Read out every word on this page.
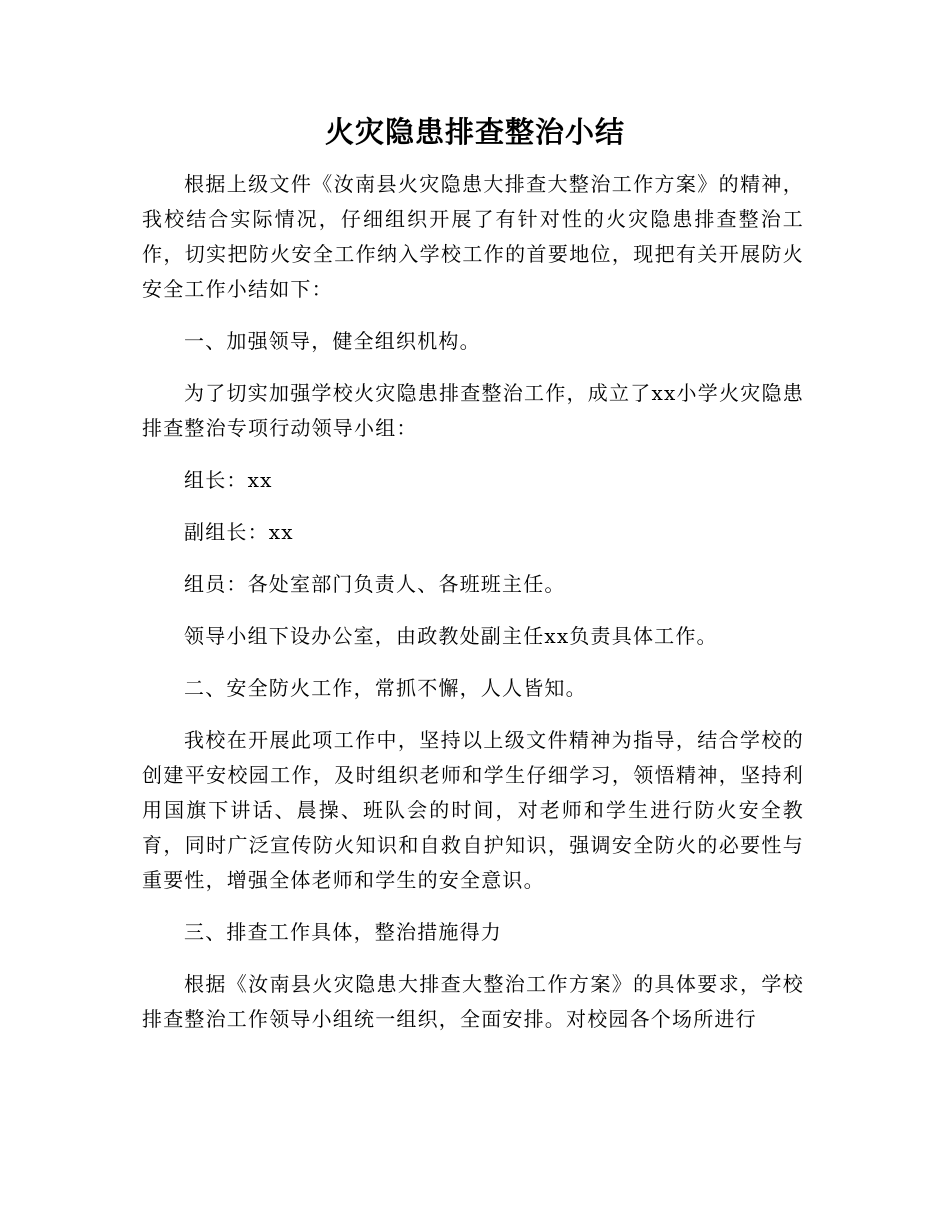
火灾隐患排查整治小结

根据上级文件《汝南县火灾隐患大排查大整治工作方案》的精神，我校结合实际情况，仔细组织开展了有针对性的火灾隐患排查整治工作，切实把防火安全工作纳入学校工作的首要地位，现把有关开展防火安全工作小结如下：

一、加强领导，健全组织机构。

为了切实加强学校火灾隐患排查整治工作，成立了xx小学火灾隐患排查整治专项行动领导小组：

组长：xx

副组长：xx

组员：各处室部门负责人、各班班主任。

领导小组下设办公室，由政教处副主任xx负责具体工作。

二、安全防火工作，常抓不懈，人人皆知。

我校在开展此项工作中，坚持以上级文件精神为指导，结合学校的创建平安校园工作，及时组织老师和学生仔细学习，领悟精神，坚持利用国旗下讲话、晨操、班队会的时间，对老师和学生进行防火安全教育，同时广泛宣传防火知识和自救自护知识，强调安全防火的必要性与重要性，增强全体老师和学生的安全意识。

三、排查工作具体，整治措施得力

根据《汝南县火灾隐患大排查大整治工作方案》的具体要求，学校排查整治工作领导小组统一组织，全面安排。对校园各个场所进行
